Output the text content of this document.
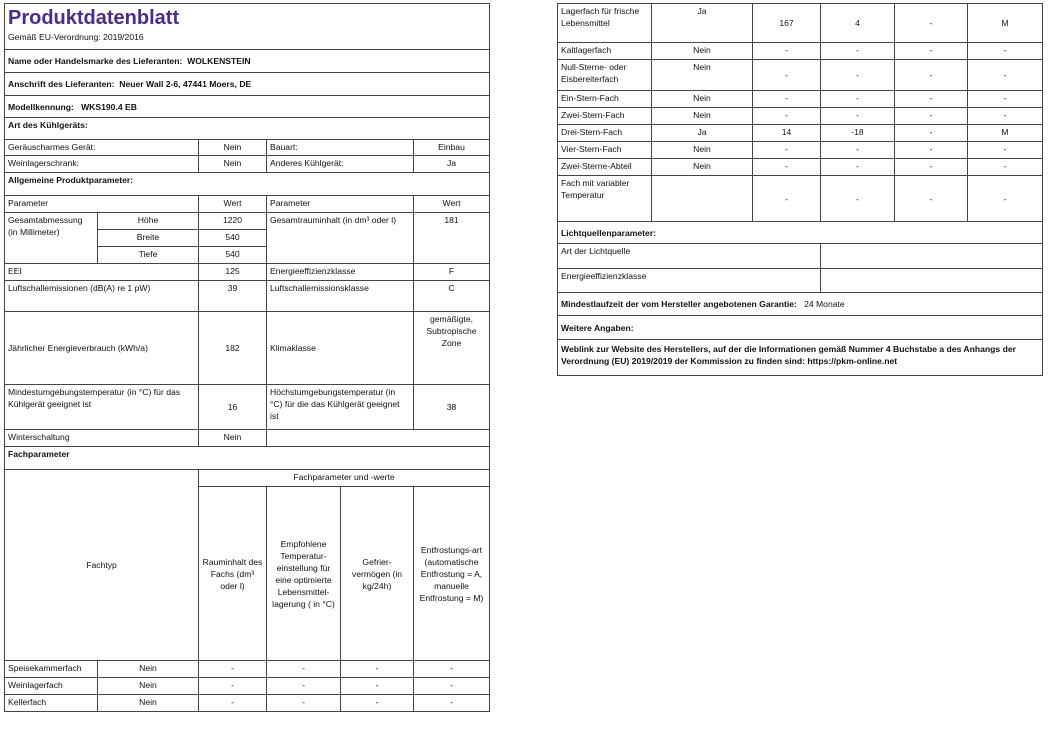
Produktdatenblatt
Gemäß EU-Verordnung: 2019/2016					

Name oder Handelsmarke des Lieferanten: WOLKENSTEIN					
Anschrift des Lieferanten: Neuer Wall 2-6, 47441 Moers, DE					
Modellkennung: WKS190.4 EB					
Art des Kühlgeräts:					
Geräuscharmes Gerät:		Nein	Bauart:		Einbau
Weinlagerschrank:		Nein	Anderes Kühlgerät:		Ja
Allgemeine Produktparameter:					
Parameter		Wert	Parameter		Wert
Gesamtabmessung (in Millimeter)	Höhe	1220	Gesamtrauminhalt (in dm³ oder l)		181
	Breite	540			
	Tiefe	540			
EEI		125	Energieeffizienzklasse		F
Luftschallemissionen (dB(A) re 1 pW)		39	Luftschallemissionsklasse		C
Jährlicher Energieverbrauch (kWh/a)		182	Klimaklasse		gemäßigte, Subtropische Zone
Mindestumgebungstemperatur (in °C) für das Kühlgerät geeignet ist		16	Höchstumgebungstemperatur (in °C) für die das Kühlgerät geeignet ist		38
Winterschaltung		Nein			
Fachparameter					
Fachtyp		Fachparameter und -werte			
		Rauminhalt des Fachs (dm³ oder l)	Empfohlene Temperatur-einstellung für eine optimierte Lebensmittel-lagerung ( in °C)	Gefrier-vermögen (in kg/24h)	Entfrostungs-art (automatische Entfrostung = A, manuelle Entfrostung = M)
Speisekammerfach	Nein	-	-	-	-
Weinlagerfach	Nein	-	-	-	-
Kellerfach	Nein	-	-	-	-
Lagerfach für frische Lebensmittel	Ja	167	4	-	M
Kaltlagerfach	Nein	-	-	-	-
Null-Sterne- oder Eisbereiterfach	Nein	-	-	-	-
Ein-Stern-Fach	Nein	-	-	-	-
Zwei-Stern-Fach	Nein	-	-	-	-
Drei-Stern-Fach	Ja	14	-18	-	M
Vier-Stern-Fach	Nein	-	-	-	-
Zwei-Sterne-Abteil	Nein	-	-	-	-
Fach mit variabler Temperatur		-	-	-	-
Lichtquellenparameter:					
Art der Lichtquelle					
Energieeffizienzklasse					
Mindestlaufzeit der vom Hersteller angebotenen Garantie: 24 Monate					
Weitere Angaben:					
Weblink zur Website des Herstellers, auf der die Informationen gemäß Nummer 4 Buchstabe a des Anhangs der Verordnung (EU) 2019/2019 der Kommission zu finden sind: https://pkm-online.net					
